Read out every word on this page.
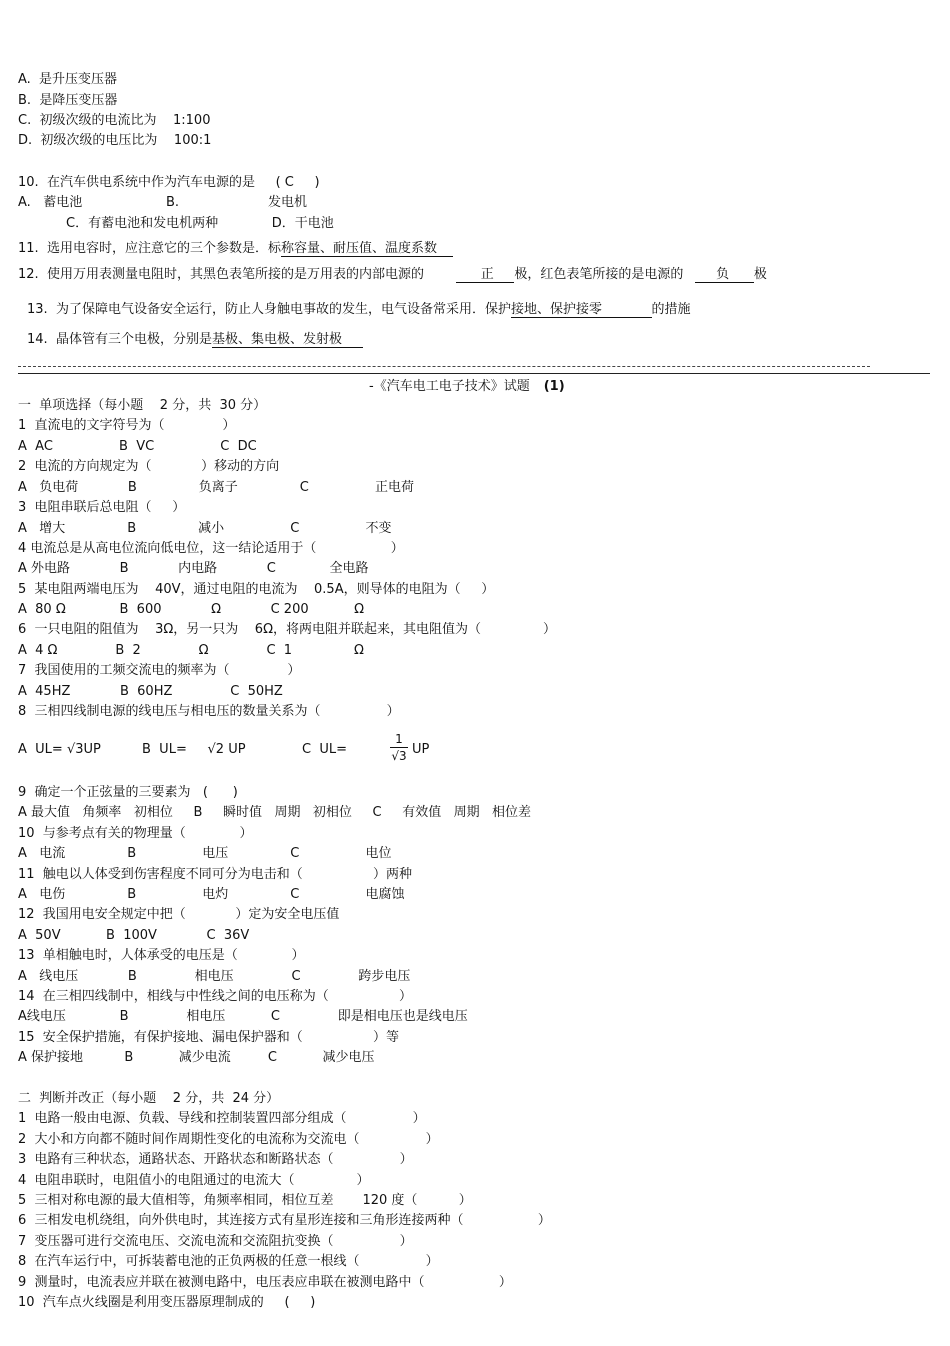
A.  是升压变压器
B.  是降压变压器
C.  初级次级的电流比为    1:100
D.  初级次级的电压比为    100:1
10.  在汽车供电系统中作为汽车电源的是     ( C     )
A.   蓄电池	B.	发电机
C．有蓄电池和发电机两种             D．干电池
11.  选用电容时，应注意它的三个参数是．标称容量、耐压值、温度系数
12.  使用万用表测量电阻时，其黑色表笔所接的是万用表的内部电源的      正     极，红色表笔所接的是电源的     负      极
13.  为了保障电气设备安全运行，防止人身触电事故的发生，电气设备常采用．保护接地、保护接零            的措施
14.  晶体管有三个电极，分别是基极、集电极、发射极
-《汽车电工电子技术》试题 (1)
一  单项选择（每小题    2 分，共  30 分）
1  直流电的文字符号为（              ）
A  AC                B  VC                C  DC
2  电流的方向规定为（            ）移动的方向
A   负电荷            B               负离子               C                正电荷
3  电阻串联后总电阻（     ）
A   增大               B               减小                C                不变
4 电流总是从高电位流向低电位，这一结论适用于（                  ）
A 外电路            B            内电路            C             全电路
5  某电阻两端电压为    40V，通过电阻的电流为    0.5A，则导体的电阻为（     ）
A  80 Ω             B  600            Ω            C 200           Ω
6  一只电阻的阻值为    3Ω，另一只为    6Ω，将两电阻并联起来，其电阻值为（               ）
A  4 Ω              B  2              Ω              C  1               Ω
7  我国使用的工频交流电的频率为（              ）
A  45HZ            B  60HZ              C  50HZ
8  三相四线制电源的线电压与相电压的数量关系为（                ）
A  UL= √3UP	B  UL= √2 UP	C  UL=
1
√3 UP
9  确定一个正弦量的三要素为   (      )
A 最大值   角频率   初相位     B     瞬时值   周期   初相位     C     有效值   周期   相位差
10  与参考点有关的物理量（             ）
A   电流               B                电压               C                电位
11  触电以人体受到伤害程度不同可分为电击和（                 ）两种
A   电伤               B                电灼               C                电腐蚀
12  我国用电安全规定中把（            ）定为安全电压值
A  50V           B  100V            C  36V
13  单相触电时，人体承受的电压是（             ）
A   线电压            B              相电压              C              跨步电压
14  在三相四线制中，相线与中性线之间的电压称为（                 ）
A线电压             B              相电压           C              即是相电压也是线电压
15  安全保护措施，有保护接地、漏电保护器和（                 ）等
A 保护接地          B           减少电流         C           减少电压
二  判断并改正（每小题    2 分，共  24 分）
1  电路一般由电源、负载、导线和控制装置四部分组成（                ）
2  大小和方向都不随时间作周期性变化的电流称为交流电（                ）
3  电路有三种状态，通路状态、开路状态和断路状态（                ）
4  电阻串联时，电阻值小的电阻通过的电流大（               ）
5  三相对称电源的最大值相等，角频率相同，相位互差       120 度（          ）
6  三相发电机绕组，向外供电时，其连接方式有星形连接和三角形连接两种（                  ）
7  变压器可进行交流电压、交流电流和交流阻抗变换（                ）
8  在汽车运行中，可拆装蓄电池的正负两极的任意一根线（                ）
9  测量时，电流表应并联在被测电路中，电压表应串联在被测电路中（                  ）
10  汽车点火线圈是利用变压器原理制成的     (     )
